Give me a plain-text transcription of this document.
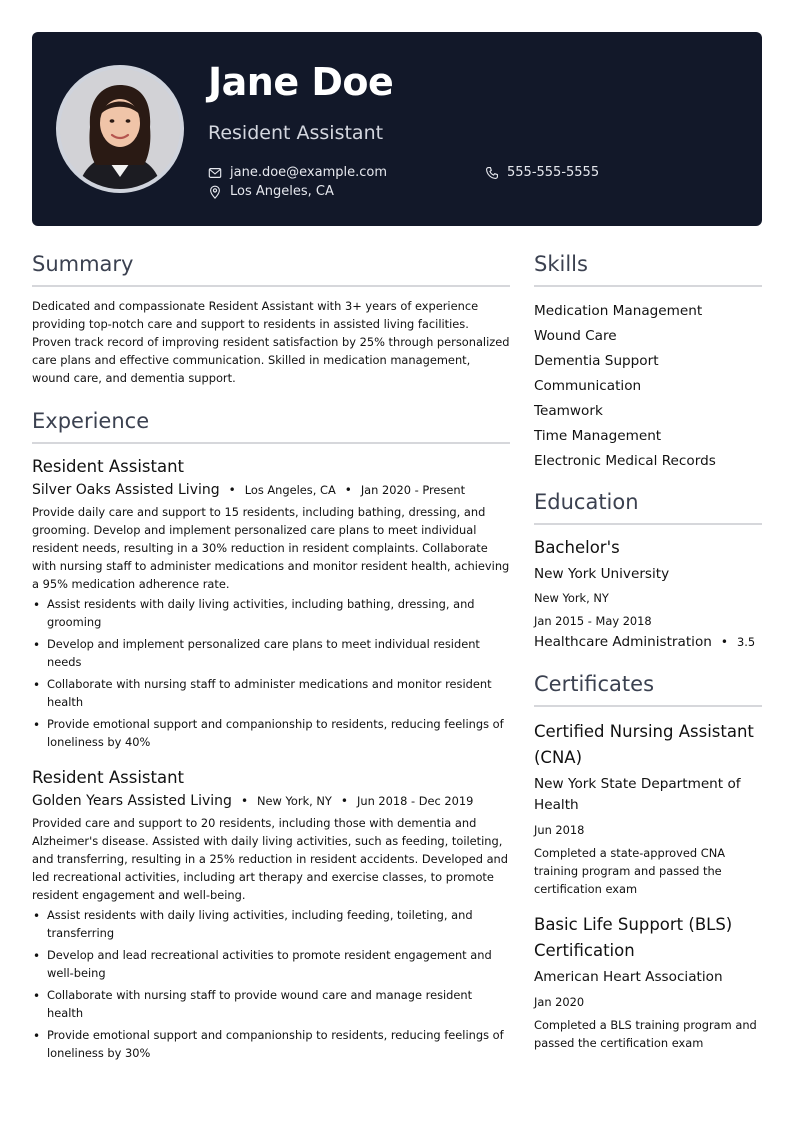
Jane Doe
Resident Assistant
jane.doe@example.com	555-555-5555
Los Angeles, CA
Summary

Dedicated and compassionate Resident Assistant with 3+ years of experience providing top-notch care and support to residents in assisted living facilities. Proven track record of improving resident satisfaction by 25% through personalized care plans and effective communication. Skilled in medication management, wound care, and dementia support.

Experience
Resident Assistant
Silver Oaks Assisted Living • Los Angeles, CA • Jan 2020 - Present

Provide daily care and support to 15 residents, including bathing, dressing, and grooming. Develop and implement personalized care plans to meet individual resident needs, resulting in a 30% reduction in resident complaints. Collaborate with nursing staff to administer medications and monitor resident health, achieving a 95% medication adherence rate.

• Assist residents with daily living activities, including bathing, dressing, and grooming
• Develop and implement personalized care plans to meet individual resident needs
• Collaborate with nursing staff to administer medications and monitor resident health
• Provide emotional support and companionship to residents, reducing feelings of loneliness by 40%
Resident Assistant
Golden Years Assisted Living • New York, NY • Jun 2018 - Dec 2019

Provided care and support to 20 residents, including those with dementia and Alzheimer's disease. Assisted with daily living activities, such as feeding, toileting, and transferring, resulting in a 25% reduction in resident accidents. Developed and led recreational activities, including art therapy and exercise classes, to promote resident engagement and well-being.

• Assist residents with daily living activities, including feeding, toileting, and transferring
• Develop and lead recreational activities to promote resident engagement and well-being
• Collaborate with nursing staff to provide wound care and manage resident health
• Provide emotional support and companionship to residents, reducing feelings of loneliness by 30%
Skills
Medication Management
Wound Care
Dementia Support
Communication
Teamwork
Time Management
Electronic Medical Records
Education
Bachelor's
New York University
New York, NY
Jan 2015 - May 2018
Healthcare Administration • 3.5
Certificates
Certified Nursing Assistant (CNA)
New York State Department of Health
Jun 2018
Completed a state-approved CNA training program and passed the certification exam
Basic Life Support (BLS) Certification
American Heart Association
Jan 2020
Completed a BLS training program and passed the certification exam
